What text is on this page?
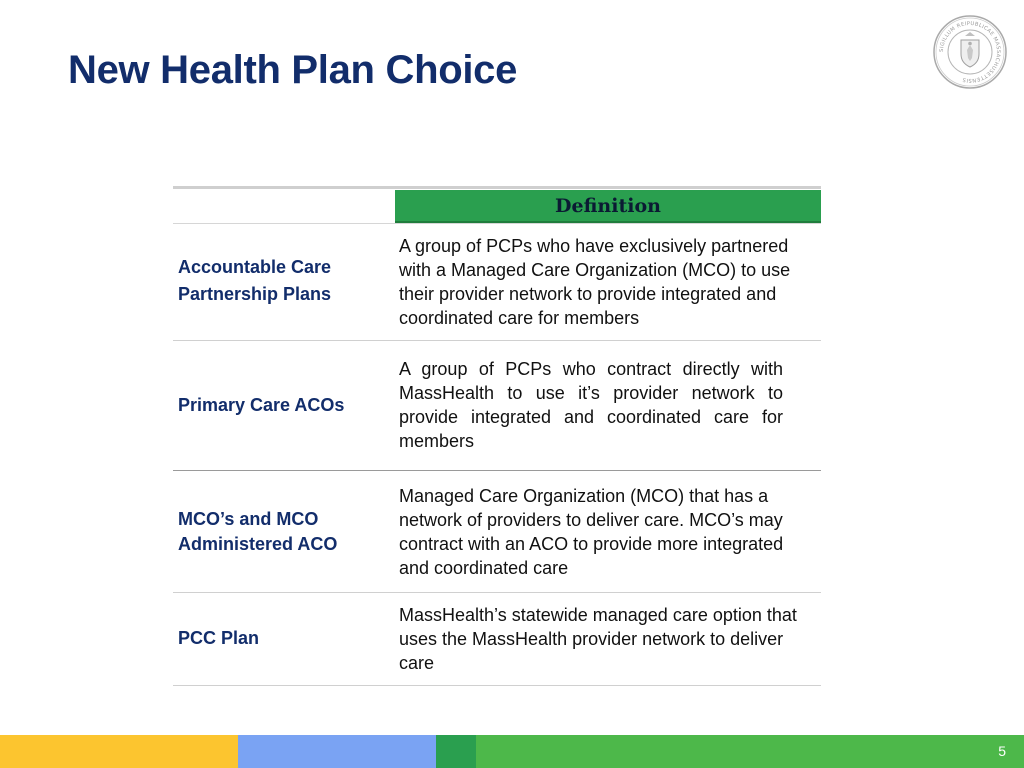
New Health Plan Choice	SIGILLUM REIPUBLICAE MASSACHUSETTENSIS
Definition
Accountable Care Partnership Plans
A group of PCPs who have exclusively partnered with a Managed Care Organization (MCO) to use their provider network to provide integrated and coordinated care for members
Primary Care ACOs
A group of PCPs who contract directly with MassHealth to use it’s provider network to provide integrated and coordinated care for members
MCO’s and MCO Administered ACO
Managed Care Organization (MCO) that has a network of providers to deliver care. MCO’s may contract with an ACO to provide more integrated and coordinated care
PCC Plan
MassHealth’s statewide managed care option that uses the MassHealth provider network to deliver care
5
